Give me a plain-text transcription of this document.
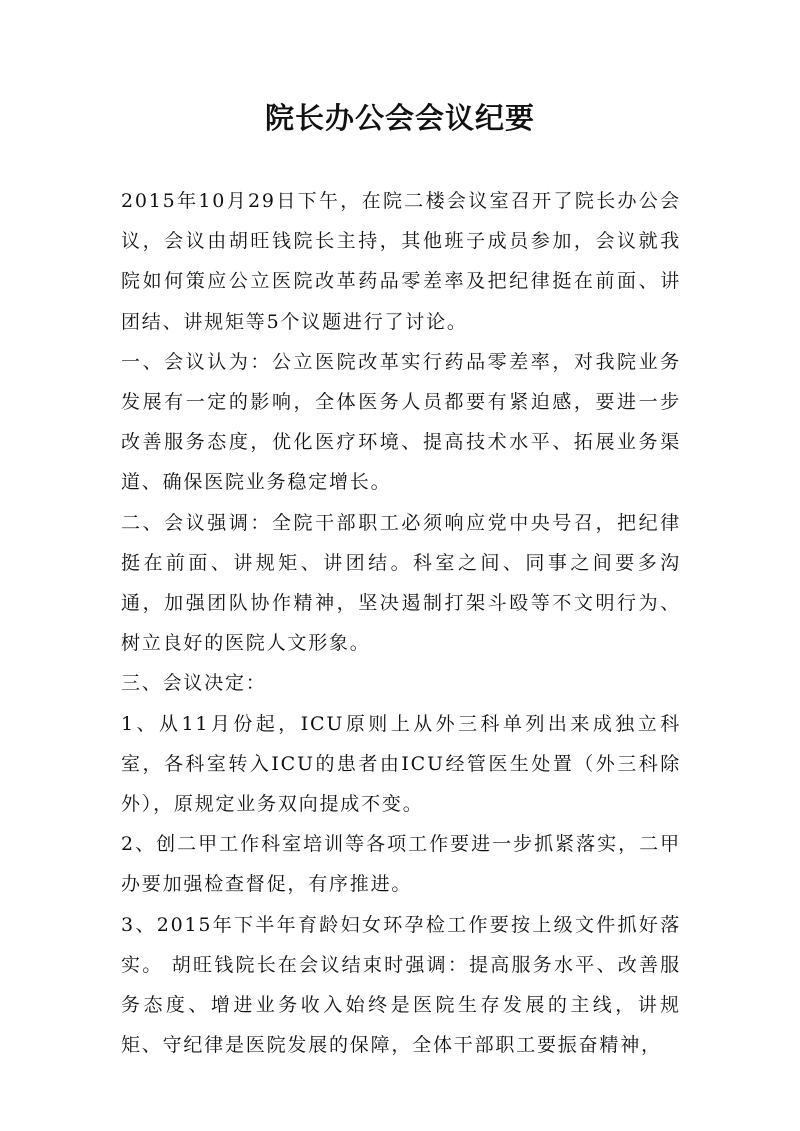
院长办公会会议纪要

2015年10月29日下午，在院二楼会议室召开了院长办公会议，会议由胡旺钱院长主持，其他班子成员参加，会议就我院如何策应公立医院改革药品零差率及把纪律挺在前面、讲团结、讲规矩等5个议题进行了讨论。

一、会议认为：公立医院改革实行药品零差率，对我院业务发展有一定的影响，全体医务人员都要有紧迫感，要进一步改善服务态度，优化医疗环境、提高技术水平、拓展业务渠道、确保医院业务稳定增长。

二、会议强调：全院干部职工必须响应党中央号召，把纪律挺在前面、讲规矩、讲团结。科室之间、同事之间要多沟通，加强团队协作精神，坚决遏制打架斗殴等不文明行为、树立良好的医院人文形象。

三、会议决定：

1、从11月份起，ICU原则上从外三科单列出来成独立科室，各科室转入ICU的患者由ICU经管医生处置（外三科除外），原规定业务双向提成不变。

2、创二甲工作科室培训等各项工作要进一步抓紧落实，二甲办要加强检查督促，有序推进。

3、2015年下半年育龄妇女环孕检工作要按上级文件抓好落实。 胡旺钱院长在会议结束时强调：提高服务水平、改善服务态度、增进业务收入始终是医院生存发展的主线，讲规矩、守纪律是医院发展的保障，全体干部职工要振奋精神，
